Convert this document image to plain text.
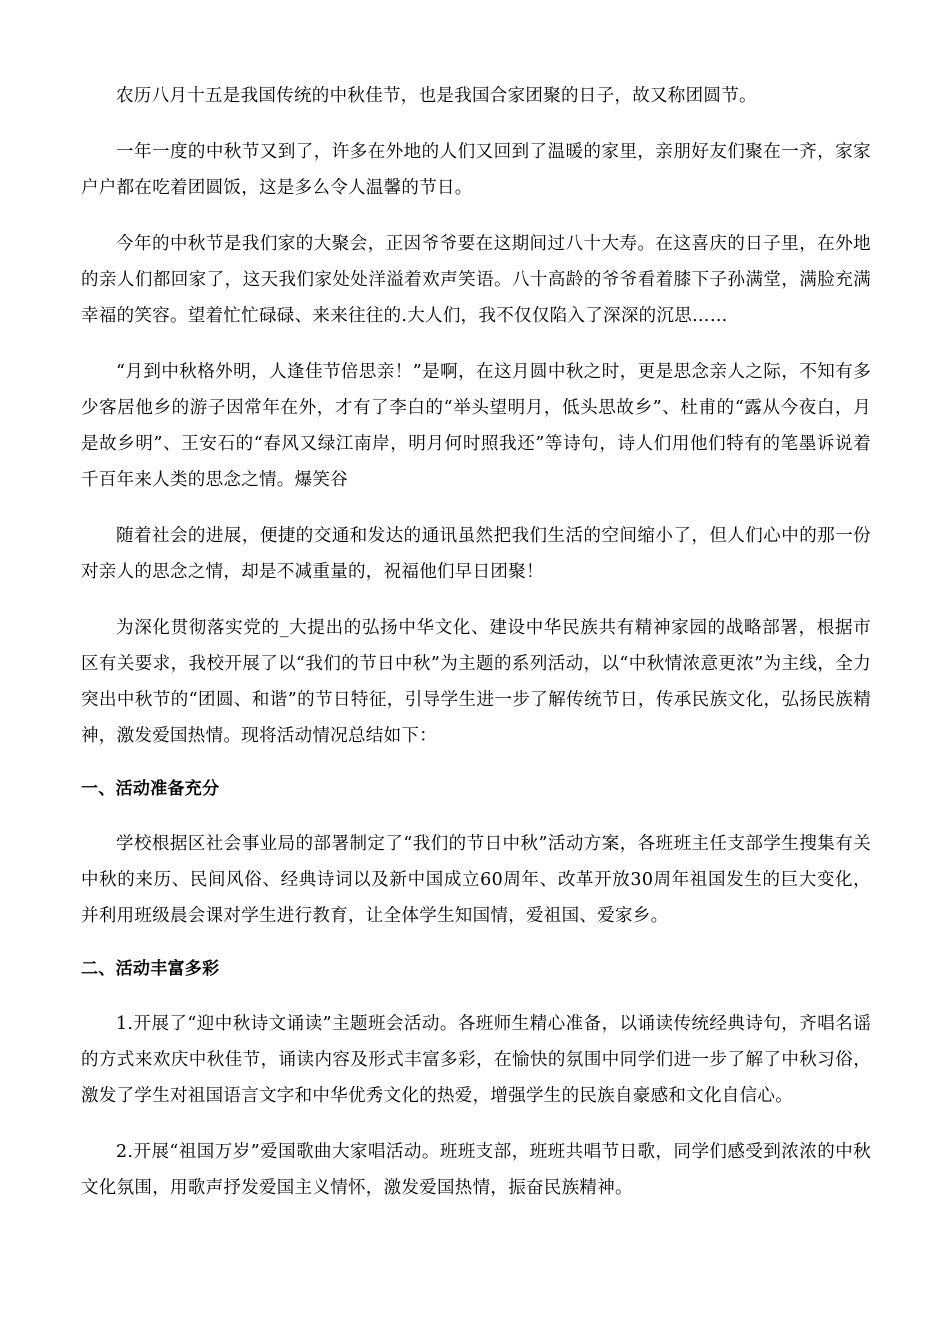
农历八月十五是我国传统的中秋佳节，也是我国合家团聚的日子，故又称团圆节。

一年一度的中秋节又到了，许多在外地的人们又回到了温暖的家里，亲朋好友们聚在一齐，家家户户都在吃着团圆饭，这是多么令人温馨的节日。

今年的中秋节是我们家的大聚会，正因爷爷要在这期间过八十大寿。在这喜庆的日子里，在外地的亲人们都回家了，这天我们家处处洋溢着欢声笑语。八十高龄的爷爷看着膝下子孙满堂，满脸充满幸福的笑容。望着忙忙碌碌、来来往往的.大人们，我不仅仅陷入了深深的沉思……

“月到中秋格外明，人逢佳节倍思亲！”是啊，在这月圆中秋之时，更是思念亲人之际，不知有多少客居他乡的游子因常年在外，才有了李白的“举头望明月，低头思故乡”、杜甫的“露从今夜白，月是故乡明”、王安石的“春风又绿江南岸，明月何时照我还”等诗句，诗人们用他们特有的笔墨诉说着千百年来人类的思念之情。爆笑谷

随着社会的进展，便捷的交通和发达的通讯虽然把我们生活的空间缩小了，但人们心中的那一份对亲人的思念之情，却是不减重量的，祝福他们早日团聚！

为深化贯彻落实党的_大提出的弘扬中华文化、建设中华民族共有精神家园的战略部署，根据市区有关要求，我校开展了以“我们的节日中秋”为主题的系列活动，以“中秋情浓意更浓”为主线，全力突出中秋节的“团圆、和谐”的节日特征，引导学生进一步了解传统节日，传承民族文化，弘扬民族精神，激发爱国热情。现将活动情况总结如下：

一、活动准备充分

学校根据区社会事业局的部署制定了“我们的节日中秋”活动方案，各班班主任支部学生搜集有关中秋的来历、民间风俗、经典诗词以及新中国成立60周年、改革开放30周年祖国发生的巨大变化，并利用班级晨会课对学生进行教育，让全体学生知国情，爱祖国、爱家乡。

二、活动丰富多彩

1.开展了“迎中秋诗文诵读”主题班会活动。各班师生精心准备，以诵读传统经典诗句，齐唱名谣的方式来欢庆中秋佳节，诵读内容及形式丰富多彩，在愉快的氛围中同学们进一步了解了中秋习俗，激发了学生对祖国语言文字和中华优秀文化的热爱，增强学生的民族自豪感和文化自信心。

2.开展“祖国万岁”爱国歌曲大家唱活动。班班支部，班班共唱节日歌，同学们感受到浓浓的中秋文化氛围，用歌声抒发爱国主义情怀，激发爱国热情，振奋民族精神。
